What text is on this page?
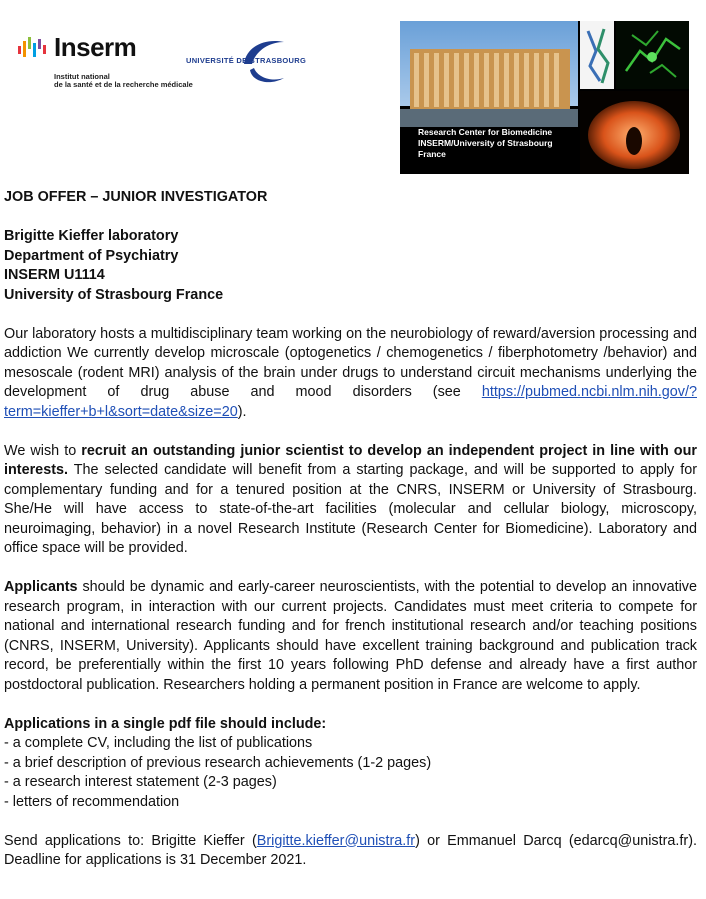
Inserm
Institut national
de la santé et de la recherche médicale
UNIVERSITÉ DE STRASBOURG
Research Center for Biomedicine
INSERM/University of Strasbourg
France

JOB OFFER – JUNIOR INVESTIGATOR

Brigitte Kieffer laboratory

Department of Psychiatry

INSERM U1114

University of Strasbourg France

Our laboratory hosts a multidisciplinary team working on the neurobiology of reward/aversion processing and addiction We currently develop microscale (optogenetics / chemogenetics / fiberphotometry /behavior) and mesoscale (rodent MRI) analysis of the brain under drugs to understand circuit mechanisms underlying the development of drug abuse and mood disorders (see https://pubmed.ncbi.nlm.nih.gov/?term=kieffer+b+l&sort=date&size=20).

We wish to recruit an outstanding junior scientist to develop an independent project in line with our interests. The selected candidate will benefit from a starting package, and will be supported to apply for complementary funding and for a tenured position at the CNRS, INSERM or University of Strasbourg. She/He will have access to state-of-the-art facilities (molecular and cellular biology, microscopy, neuroimaging, behavior) in a novel Research Institute (Research Center for Biomedicine). Laboratory and office space will be provided.

Applicants should be dynamic and early-career neuroscientists, with the potential to develop an innovative research program, in interaction with our current projects. Candidates must meet criteria to compete for national and international research funding and for french institutional research and/or teaching positions (CNRS, INSERM, University). Applicants should have excellent training background and publication track record, be preferentially within the first 10 years following PhD defense and already have a first author postdoctoral publication. Researchers holding a permanent position in France are welcome to apply.

Applications in a single pdf file should include:

- a complete CV, including the list of publications

- a brief description of previous research achievements (1-2 pages)

- a research interest statement (2-3 pages)

- letters of recommendation

Send applications to: Brigitte Kieffer (Brigitte.kieffer@unistra.fr) or Emmanuel Darcq (edarcq@unistra.fr). Deadline for applications is 31 December 2021.
